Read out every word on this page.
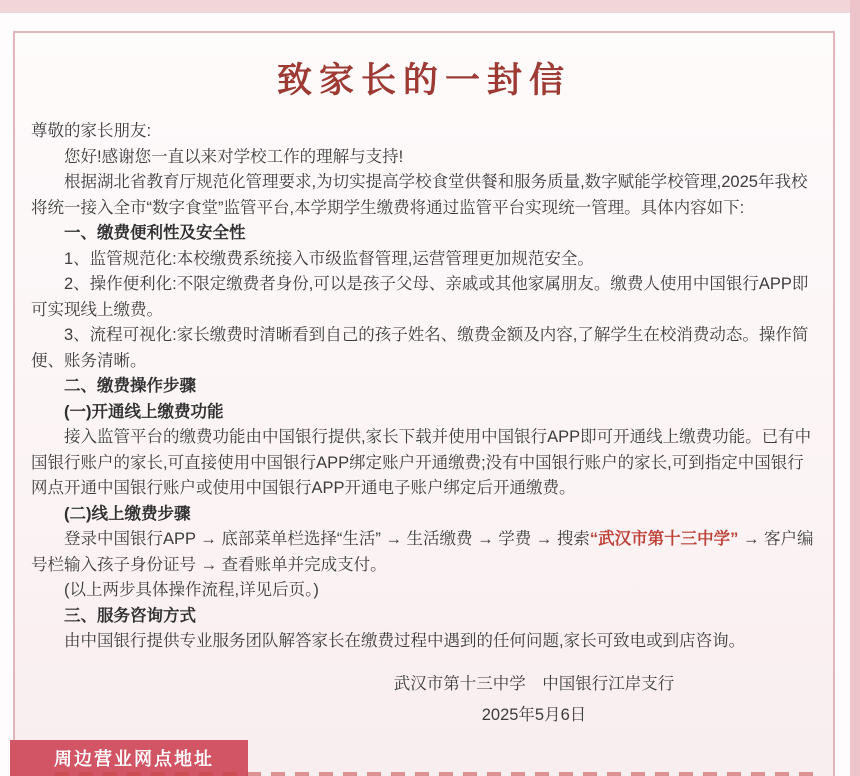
致家长的一封信

尊敬的家长朋友:

您好!感谢您一直以来对学校工作的理解与支持!

根据湖北省教育厅规范化管理要求,为切实提高学校食堂供餐和服务质量,数字赋能学校管理,2025年我校将统一接入全市“数字食堂”监管平台,本学期学生缴费将通过监管平台实现统一管理。具体内容如下:

一、缴费便利性及安全性

1、监管规范化:本校缴费系统接入市级监督管理,运营管理更加规范安全。

2、操作便利化:不限定缴费者身份,可以是孩子父母、亲戚或其他家属朋友。缴费人使用中国银行APP即可实现线上缴费。

3、流程可视化:家长缴费时清晰看到自己的孩子姓名、缴费金额及内容,了解学生在校消费动态。操作简便、账务清晰。

二、缴费操作步骤

(一)开通线上缴费功能

接入监管平台的缴费功能由中国银行提供,家长下载并使用中国银行APP即可开通线上缴费功能。已有中国银行账户的家长,可直接使用中国银行APP绑定账户开通缴费;没有中国银行账户的家长,可到指定中国银行网点开通中国银行账户或使用中国银行APP开通电子账户绑定后开通缴费。

(二)线上缴费步骤

登录中国银行APP → 底部菜单栏选择“生活” → 生活缴费 → 学费 → 搜索“武汉市第十三中学” → 客户编号栏输入孩子身份证号 → 查看账单并完成支付。

(以上两步具体操作流程,详见后页。)

三、服务咨询方式

由中国银行提供专业服务团队解答家长在缴费过程中遇到的任何问题,家长可致电或到店咨询。

武汉市第十三中学　中国银行江岸支行
2025年5月6日
周边营业网点地址
